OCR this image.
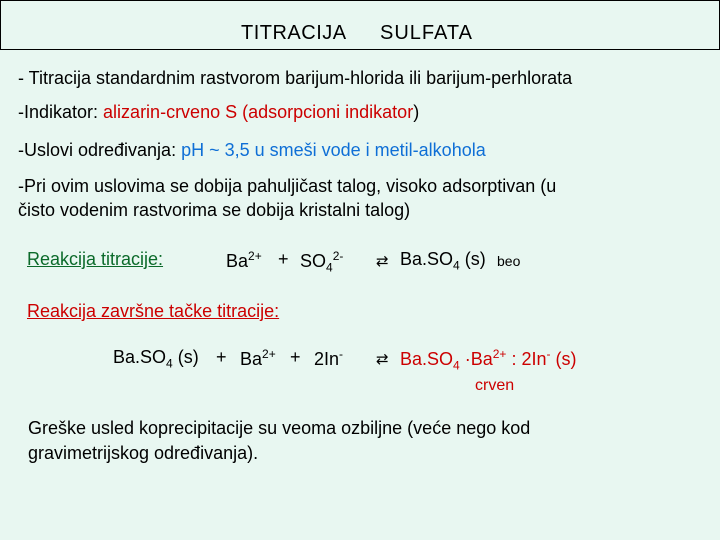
TITRACIJA SULFATA
- Titracija standardnim rastvorom barijum-hlorida ili barijum-perhlorata
-Indikator: alizarin-crveno S (adsorpcioni indikator)
-Uslovi određivanja: pH ~ 3,5 u smeši vode i metil-alkohola
-Pri ovim uslovima se dobija pahuljičast talog, visoko adsorptivan (u
čisto vodenim rastvorima se dobija kristalni talog)
Reakcija titracije:	$Ba^{2+} + SO_4^{2-}$ ⇄ $Ba.SO_4$ (s) beo
Reakcija završne tačke titracije:
$Ba.SO_4$ $(s) + Ba^{2+} + 2In^-$ ⇄ $Ba.SO_4 \cdot Ba^{2+}$ : 2In- (s)
crven
Greške usled koprecipitacije su veoma ozbiljne (veće nego kod
gravimetrijskog određivanja).
